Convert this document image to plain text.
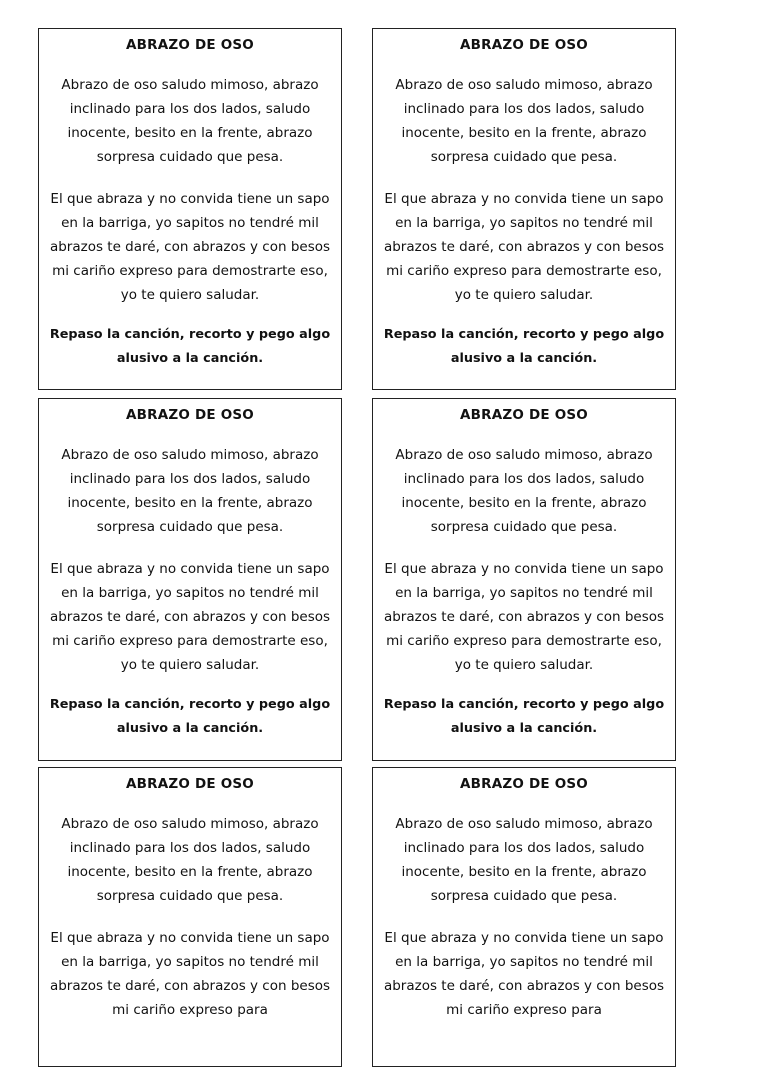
ABRAZO DE OSO
Abrazo de oso saludo mimoso, abrazo inclinado para los dos lados, saludo inocente, besito en la frente, abrazo sorpresa cuidado que pesa.
El que abraza y no convida tiene un sapo en la barriga, yo sapitos no tendré mil abrazos te daré, con abrazos y con besos mi cariño expreso para demostrarte eso, yo te quiero saludar.
Repaso la canción, recorto y pego algo alusivo a la canción.
ABRAZO DE OSO
Abrazo de oso saludo mimoso, abrazo inclinado para los dos lados, saludo inocente, besito en la frente, abrazo sorpresa cuidado que pesa.
El que abraza y no convida tiene un sapo en la barriga, yo sapitos no tendré mil abrazos te daré, con abrazos y con besos mi cariño expreso para demostrarte eso, yo te quiero saludar.
Repaso la canción, recorto y pego algo alusivo a la canción.
ABRAZO DE OSO
Abrazo de oso saludo mimoso, abrazo inclinado para los dos lados, saludo inocente, besito en la frente, abrazo sorpresa cuidado que pesa.
El que abraza y no convida tiene un sapo en la barriga, yo sapitos no tendré mil abrazos te daré, con abrazos y con besos mi cariño expreso para demostrarte eso, yo te quiero saludar.
Repaso la canción, recorto y pego algo alusivo a la canción.
ABRAZO DE OSO
Abrazo de oso saludo mimoso, abrazo inclinado para los dos lados, saludo inocente, besito en la frente, abrazo sorpresa cuidado que pesa.
El que abraza y no convida tiene un sapo en la barriga, yo sapitos no tendré mil abrazos te daré, con abrazos y con besos mi cariño expreso para demostrarte eso, yo te quiero saludar.
Repaso la canción, recorto y pego algo alusivo a la canción.
ABRAZO DE OSO
Abrazo de oso saludo mimoso, abrazo inclinado para los dos lados, saludo inocente, besito en la frente, abrazo sorpresa cuidado que pesa.
El que abraza y no convida tiene un sapo en la barriga, yo sapitos no tendré mil abrazos te daré, con abrazos y con besos mi cariño expreso para
ABRAZO DE OSO
Abrazo de oso saludo mimoso, abrazo inclinado para los dos lados, saludo inocente, besito en la frente, abrazo sorpresa cuidado que pesa.
El que abraza y no convida tiene un sapo en la barriga, yo sapitos no tendré mil abrazos te daré, con abrazos y con besos mi cariño expreso para
